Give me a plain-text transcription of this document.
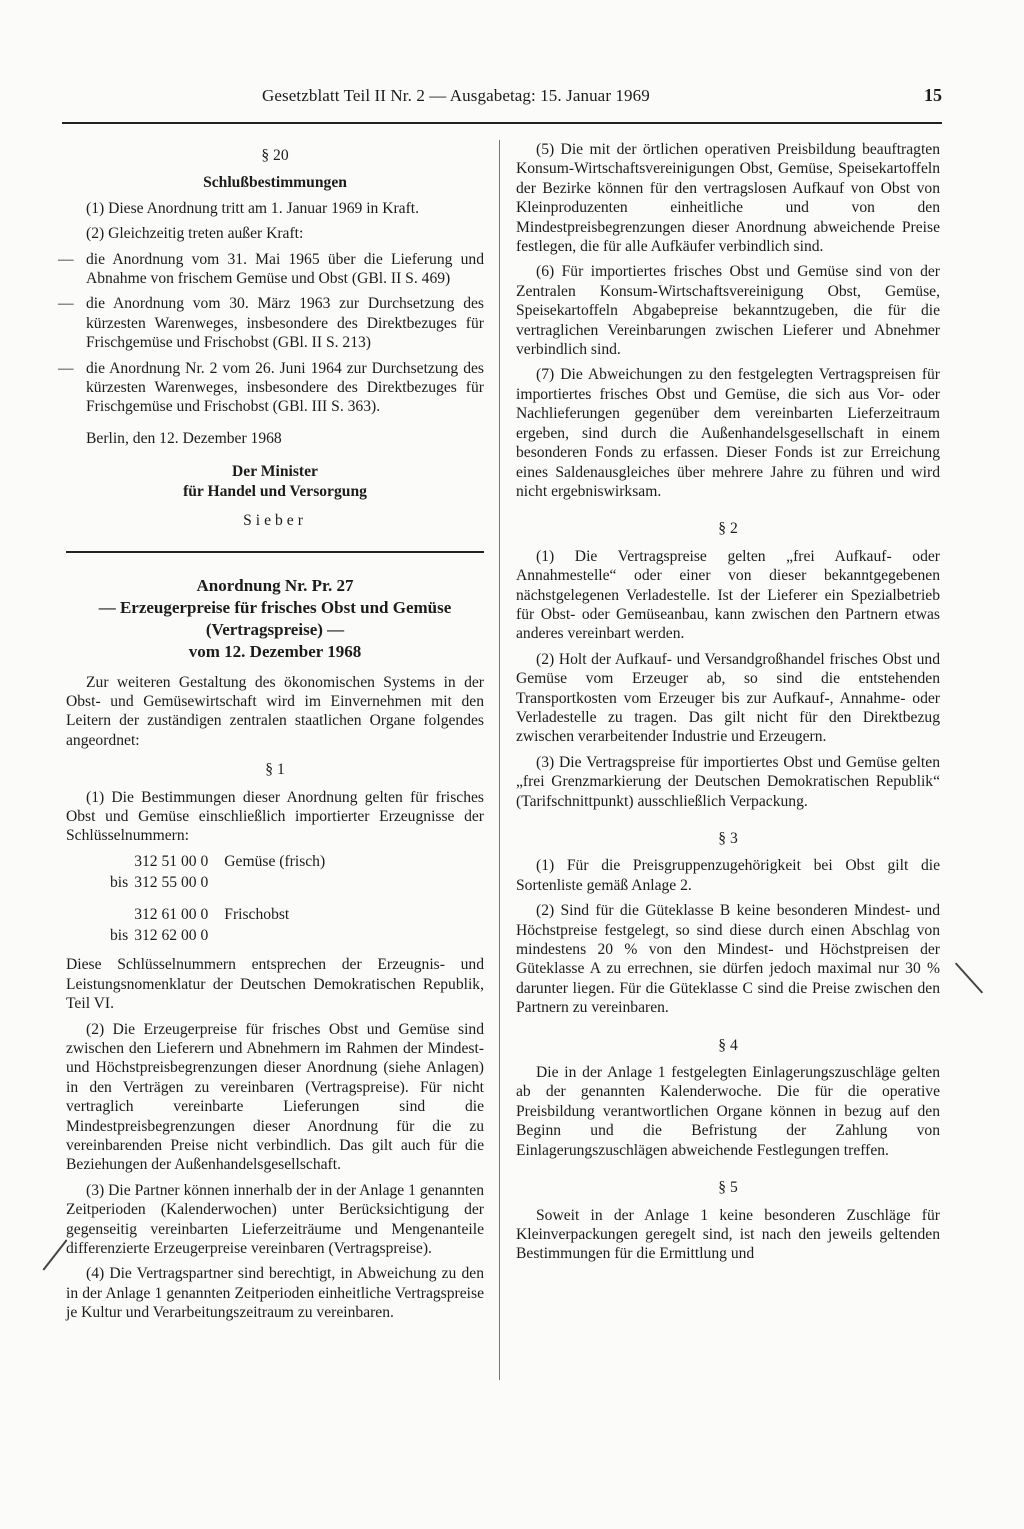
Gesetzblatt Teil II Nr. 2 — Ausgabetag: 15. Januar 1969	15
§ 20
Schlußbestimmungen

(1) Diese Anordnung tritt am 1. Januar 1969 in Kraft.

(2) Gleichzeitig treten außer Kraft:

— die Anordnung vom 31. Mai 1965 über die Lieferung und Abnahme von frischem Gemüse und Obst (GBl. II S. 469)
— die Anordnung vom 30. März 1963 zur Durchsetzung des kürzesten Warenweges, insbesondere des Direktbezuges für Frischgemüse und Frischobst (GBl. II S. 213)
— die Anordnung Nr. 2 vom 26. Juni 1964 zur Durchsetzung des kürzesten Warenweges, insbesondere des Direktbezuges für Frischgemüse und Frischobst (GBl. III S. 363).
Berlin, den 12. Dezember 1968
Der Minister
für Handel und Versorgung
Sieber
Anordnung Nr. Pr. 27
— Erzeugerpreise für frisches Obst und Gemüse
(Vertragspreise) —
vom 12. Dezember 1968

Zur weiteren Gestaltung des ökonomischen Systems in der Obst- und Gemüsewirtschaft wird im Einvernehmen mit den Leitern der zuständigen zentralen staatlichen Organe folgendes angeordnet:

§ 1

(1) Die Bestimmungen dieser Anordnung gelten für frisches Obst und Gemüse einschließlich importierter Erzeugnisse der Schlüsselnummern:

	312 51 00 0	Gemüse (frisch)
bis	312 55 00 0	

	312 61 00 0	Frischobst
bis	312 62 00 0	

Diese Schlüsselnummern entsprechen der Erzeugnis- und Leistungsnomenklatur der Deutschen Demokratischen Republik, Teil VI.

(2) Die Erzeugerpreise für frisches Obst und Gemüse sind zwischen den Lieferern und Abnehmern im Rahmen der Mindest- und Höchstpreisbegrenzungen dieser Anordnung (siehe Anlagen) in den Verträgen zu vereinbaren (Vertragspreise). Für nicht vertraglich vereinbarte Lieferungen sind die Mindestpreisbegrenzungen dieser Anordnung für die zu vereinbarenden Preise nicht verbindlich. Das gilt auch für die Beziehungen der Außenhandelsgesellschaft.

(3) Die Partner können innerhalb der in der Anlage 1 genannten Zeitperioden (Kalenderwochen) unter Berücksichtigung der gegenseitig vereinbarten Lieferzeiträume und Mengenanteile differenzierte Erzeugerpreise vereinbaren (Vertragspreise).

(4) Die Vertragspartner sind berechtigt, in Abweichung zu den in der Anlage 1 genannten Zeitperioden einheitliche Vertragspreise je Kultur und Verarbeitungszeitraum zu vereinbaren.

(5) Die mit der örtlichen operativen Preisbildung beauftragten Konsum-Wirtschaftsvereinigungen Obst, Gemüse, Speisekartoffeln der Bezirke können für den vertragslosen Aufkauf von Obst von Kleinproduzenten einheitliche und von den Mindestpreisbegrenzungen dieser Anordnung abweichende Preise festlegen, die für alle Aufkäufer verbindlich sind.

(6) Für importiertes frisches Obst und Gemüse sind von der Zentralen Konsum-Wirtschaftsvereinigung Obst, Gemüse, Speisekartoffeln Abgabepreise bekanntzugeben, die für die vertraglichen Vereinbarungen zwischen Lieferer und Abnehmer verbindlich sind.

(7) Die Abweichungen zu den festgelegten Vertragspreisen für importiertes frisches Obst und Gemüse, die sich aus Vor- oder Nachlieferungen gegenüber dem vereinbarten Lieferzeitraum ergeben, sind durch die Außenhandelsgesellschaft in einem besonderen Fonds zu erfassen. Dieser Fonds ist zur Erreichung eines Saldenausgleiches über mehrere Jahre zu führen und wird nicht ergebniswirksam.

§ 2

(1) Die Vertragspreise gelten „frei Aufkauf- oder Annahmestelle“ oder einer von dieser bekanntgegebenen nächstgelegenen Verladestelle. Ist der Lieferer ein Spezialbetrieb für Obst- oder Gemüseanbau, kann zwischen den Partnern etwas anderes vereinbart werden.

(2) Holt der Aufkauf- und Versandgroßhandel frisches Obst und Gemüse vom Erzeuger ab, so sind die entstehenden Transportkosten vom Erzeuger bis zur Aufkauf-, Annahme- oder Verladestelle zu tragen. Das gilt nicht für den Direktbezug zwischen verarbeitender Industrie und Erzeugern.

(3) Die Vertragspreise für importiertes Obst und Gemüse gelten „frei Grenzmarkierung der Deutschen Demokratischen Republik“ (Tarifschnittpunkt) ausschließlich Verpackung.

§ 3

(1) Für die Preisgruppenzugehörigkeit bei Obst gilt die Sortenliste gemäß Anlage 2.

(2) Sind für die Güteklasse B keine besonderen Mindest- und Höchstpreise festgelegt, so sind diese durch einen Abschlag von mindestens 20 % von den Mindest- und Höchstpreisen der Güteklasse A zu errechnen, sie dürfen jedoch maximal nur 30 % darunter liegen. Für die Güteklasse C sind die Preise zwischen den Partnern zu vereinbaren.

§ 4

Die in der Anlage 1 festgelegten Einlagerungszuschläge gelten ab der genannten Kalenderwoche. Die für die operative Preisbildung verantwortlichen Organe können in bezug auf den Beginn und die Befristung der Zahlung von Einlagerungszuschlägen abweichende Festlegungen treffen.

§ 5

Soweit in der Anlage 1 keine besonderen Zuschläge für Kleinverpackungen geregelt sind, ist nach den jeweils geltenden Bestimmungen für die Ermittlung und
